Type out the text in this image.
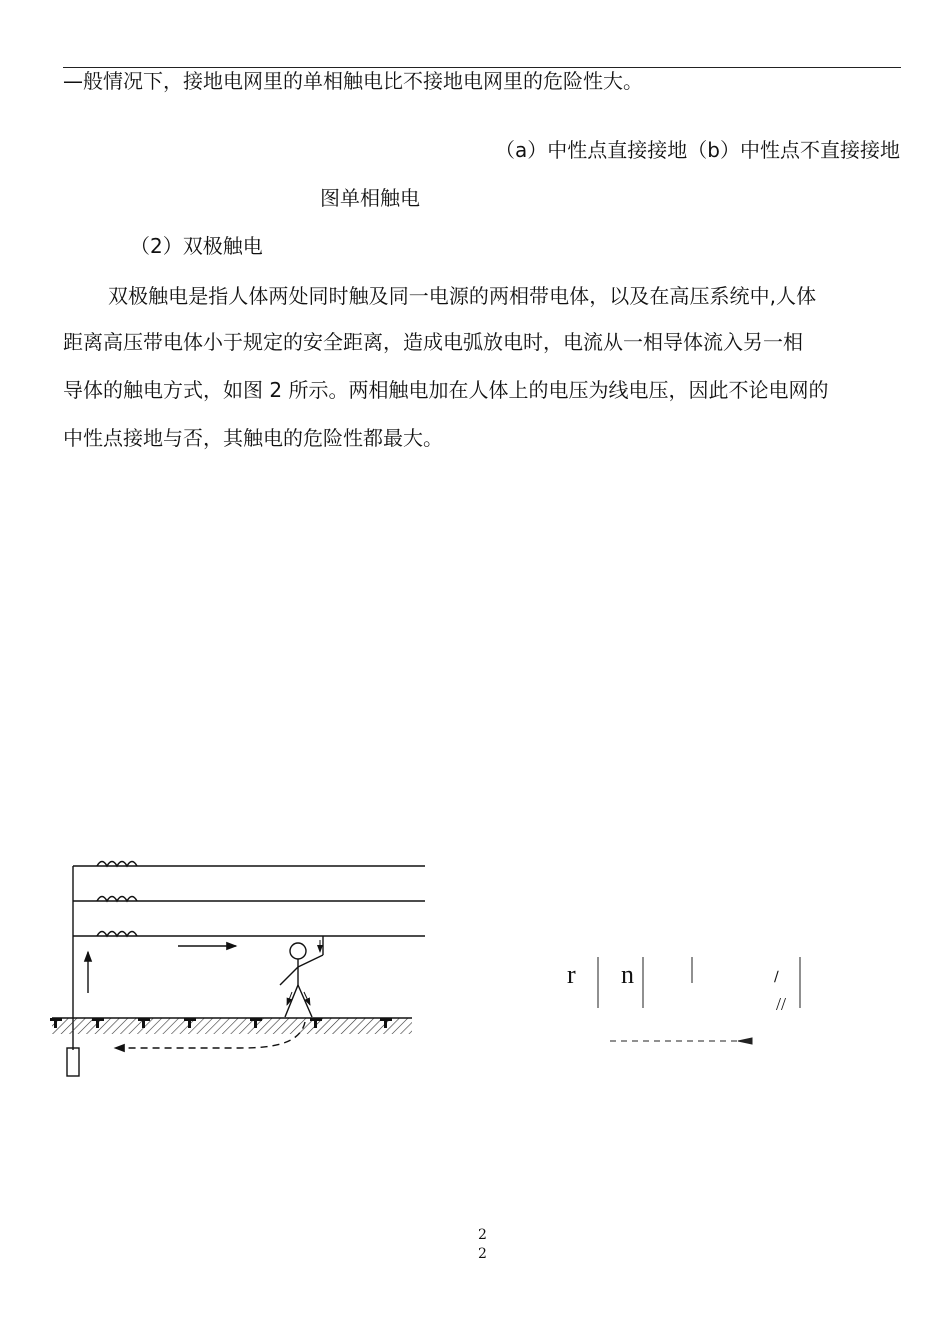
—般情况下，接地电网里的单相触电比不接地电网里的危险性大。
（a）中性点直接接地（b）中性点不直接接地
图单相触电
（2）双极触电
双极触电是指人体两处同时触及同一电源的两相带电体，以及在高压系统中,人体
距离高压带电体小于规定的安全距离，造成电弧放电时，电流从一相导体流入另一相
导体的触电方式，如图 2 所示。两相触电加在人体上的电压为线电压，因此不论电网的
中性点接地与否，其触电的危险性都最大。
r n	∕
//
2
2
